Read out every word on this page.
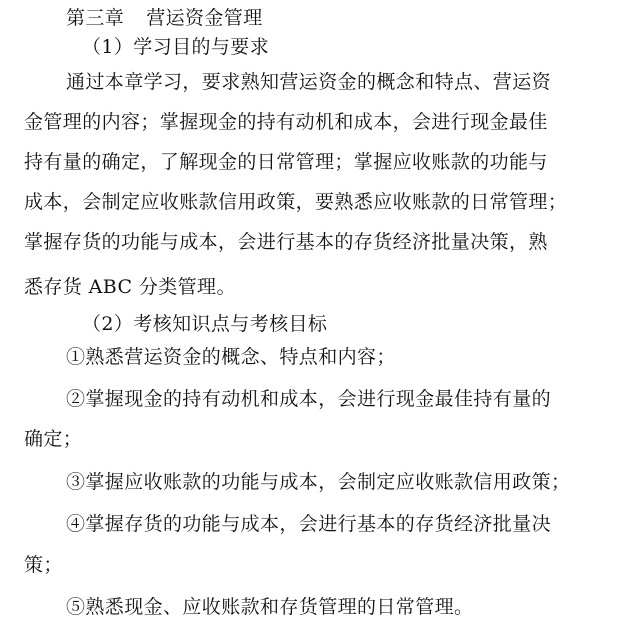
第三章 营运资金管理
（1）学习目的与要求
通过本章学习，要求熟知营运资金的概念和特点、营运资
金管理的内容；掌握现金的持有动机和成本，会进行现金最佳
持有量的确定，了解现金的日常管理；掌握应收账款的功能与
成本，会制定应收账款信用政策，要熟悉应收账款的日常管理；
掌握存货的功能与成本，会进行基本的存货经济批量决策，熟
悉存货 ABC 分类管理。
（2）考核知识点与考核目标
①熟悉营运资金的概念、特点和内容；
②掌握现金的持有动机和成本，会进行现金最佳持有量的
确定；
③掌握应收账款的功能与成本，会制定应收账款信用政策；
④掌握存货的功能与成本，会进行基本的存货经济批量决
策；
⑤熟悉现金、应收账款和存货管理的日常管理。
